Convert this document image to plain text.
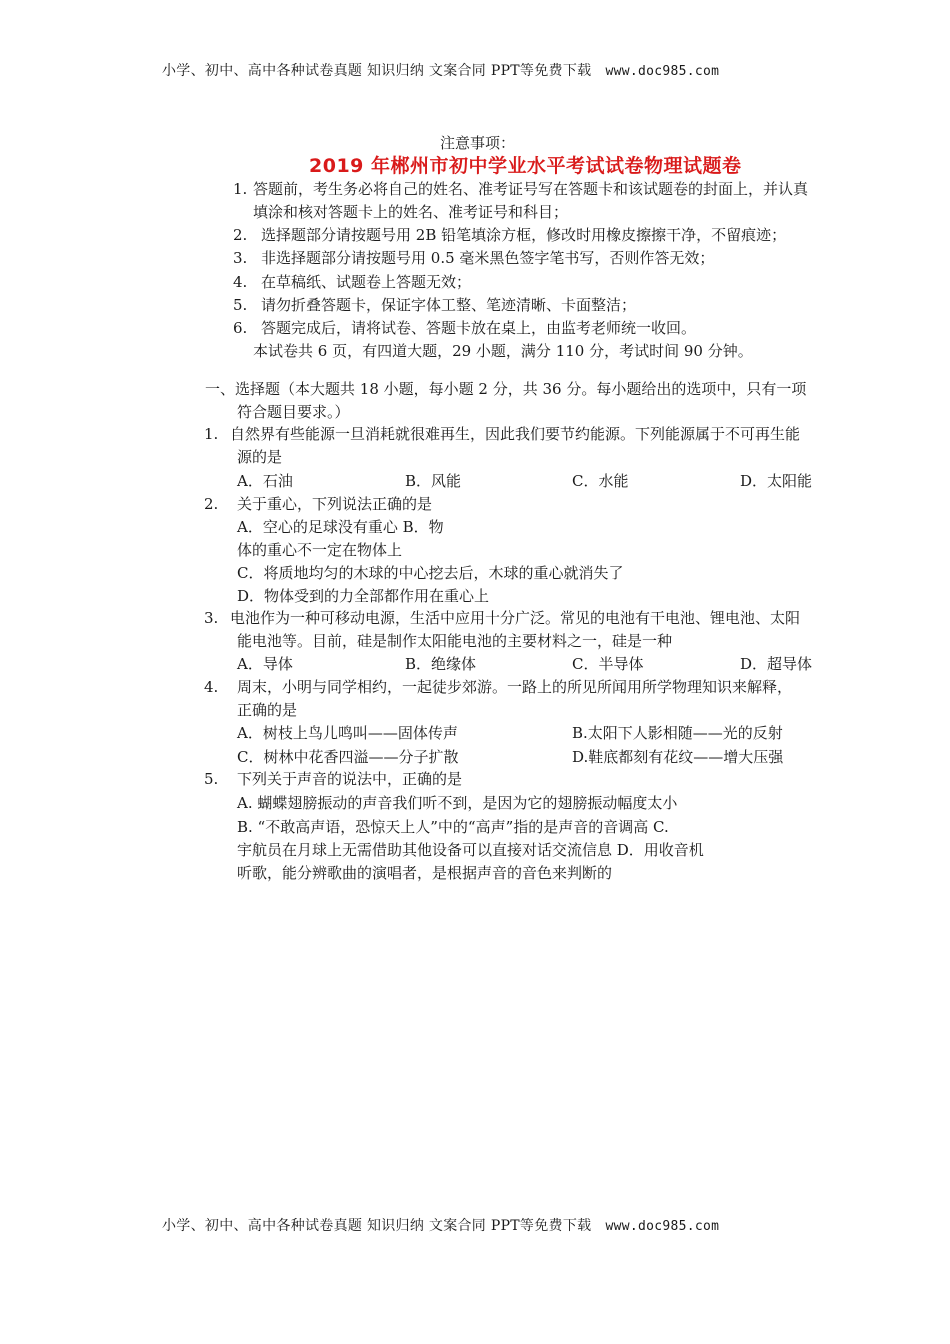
小学、初中、高中各种试卷真题 知识归纳 文案合同 PPT等免费下载 www.doc985.com
注意事项：
2019 年郴州市初中学业水平考试试卷物理试题卷
1. 答题前，考生务必将自己的姓名、准考证号写在答题卡和该试题卷的封面上，并认真
填涂和核对答题卡上的姓名、准考证号和科目；
2. 选择题部分请按题号用 2B 铅笔填涂方框，修改时用橡皮擦擦干净，不留痕迹；
3. 非选择题部分请按题号用 0.5 毫米黑色签字笔书写，否则作答无效；
4. 在草稿纸、试题卷上答题无效；
5. 请勿折叠答题卡，保证字体工整、笔迹清晰、卡面整洁；
6. 答题完成后，请将试卷、答题卡放在桌上，由监考老师统一收回。
本试卷共 6 页，有四道大题，29 小题，满分 110 分，考试时间 90 分钟。
一、选择题（本大题共 18 小题，每小题 2 分，共 36 分。每小题给出的选项中，只有一项
符合题目要求。）
1. 自然界有些能源一旦消耗就很难再生，因此我们要节约能源。下列能源属于不可再生能
源的是
A．石油	B．风能	C．水能	D．太阳能
2. 关于重心，下列说法正确的是
A．空心的足球没有重心 B．物
体的重心不一定在物体上
C．将质地均匀的木球的中心挖去后，木球的重心就消失了
D．物体受到的力全部都作用在重心上
3. 电池作为一种可移动电源，生活中应用十分广泛。常见的电池有干电池、锂电池、太阳
能电池等。目前，硅是制作太阳能电池的主要材料之一，硅是一种
A．导体	B．绝缘体	C．半导体	D．超导体
4. 周末，小明与同学相约，一起徒步郊游。一路上的所见所闻用所学物理知识来解释，
正确的是
A．树枝上鸟儿鸣叫——固体传声	B.太阳下人影相随——光的反射
C．树林中花香四溢——分子扩散	D.鞋底都刻有花纹——增大压强
5. 下列关于声音的说法中，正确的是
A. 蝴蝶翅膀振动的声音我们听不到，是因为它的翅膀振动幅度太小
B. “不敢高声语，恐惊天上人”中的“高声”指的是声音的音调高 C.
宇航员在月球上无需借助其他设备可以直接对话交流信息 D．用收音机
听歌，能分辨歌曲的演唱者，是根据声音的音色来判断的
小学、初中、高中各种试卷真题 知识归纳 文案合同 PPT等免费下载 www.doc985.com
